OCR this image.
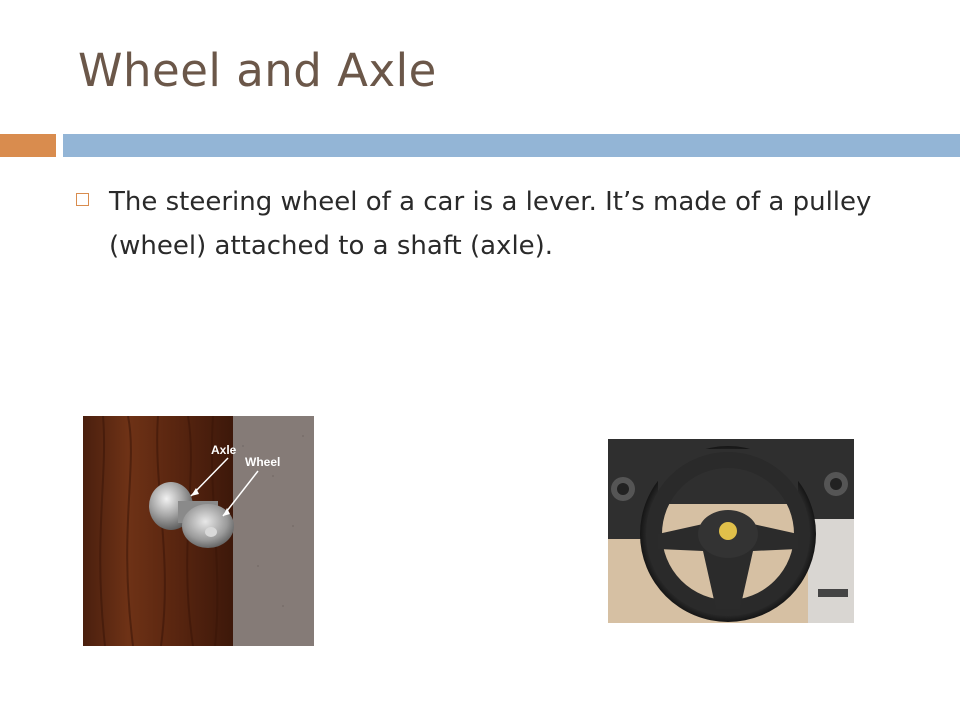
Wheel and Axle
The steering wheel of a car is a lever. It’s made of a pulley (wheel) attached to a shaft (axle).
Axle
Wheel
